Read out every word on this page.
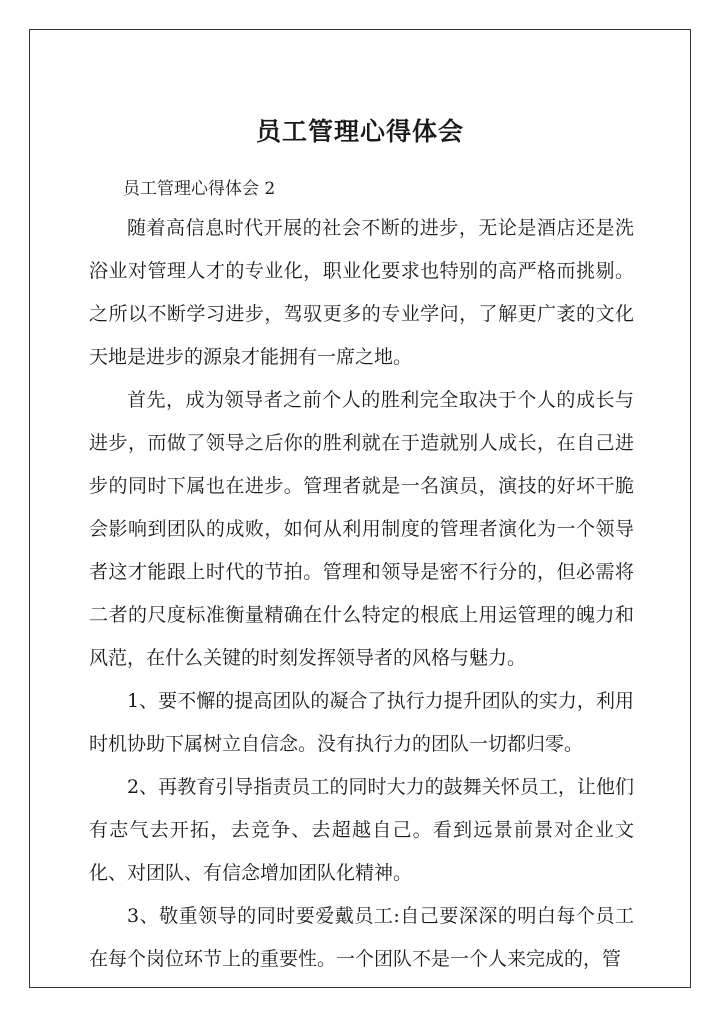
员工管理心得体会
员工管理心得体会 2

随着高信息时代开展的社会不断的进步，无论是酒店还是洗浴业对管理人才的专业化，职业化要求也特别的高严格而挑剔。之所以不断学习进步，驾驭更多的专业学问，了解更广袤的文化天地是进步的源泉才能拥有一席之地。

首先，成为领导者之前个人的胜利完全取决于个人的成长与进步，而做了领导之后你的胜利就在于造就别人成长，在自己进步的同时下属也在进步。管理者就是一名演员，演技的好坏干脆会影响到团队的成败，如何从利用制度的管理者演化为一个领导者这才能跟上时代的节拍。管理和领导是密不行分的，但必需将二者的尺度标准衡量精确在什么特定的根底上用运管理的魄力和风范，在什么关键的时刻发挥领导者的风格与魅力。

1、要不懈的提高团队的凝合了执行力提升团队的实力，利用时机协助下属树立自信念。没有执行力的团队一切都归零。

2、再教育引导指责员工的同时大力的鼓舞关怀员工，让他们有志气去开拓，去竞争、去超越自己。看到远景前景对企业文化、对团队、有信念增加团队化精神。

3、敬重领导的同时要爱戴员工:自己要深深的明白每个员工在每个岗位环节上的重要性。一个团队不是一个人来完成的，管
